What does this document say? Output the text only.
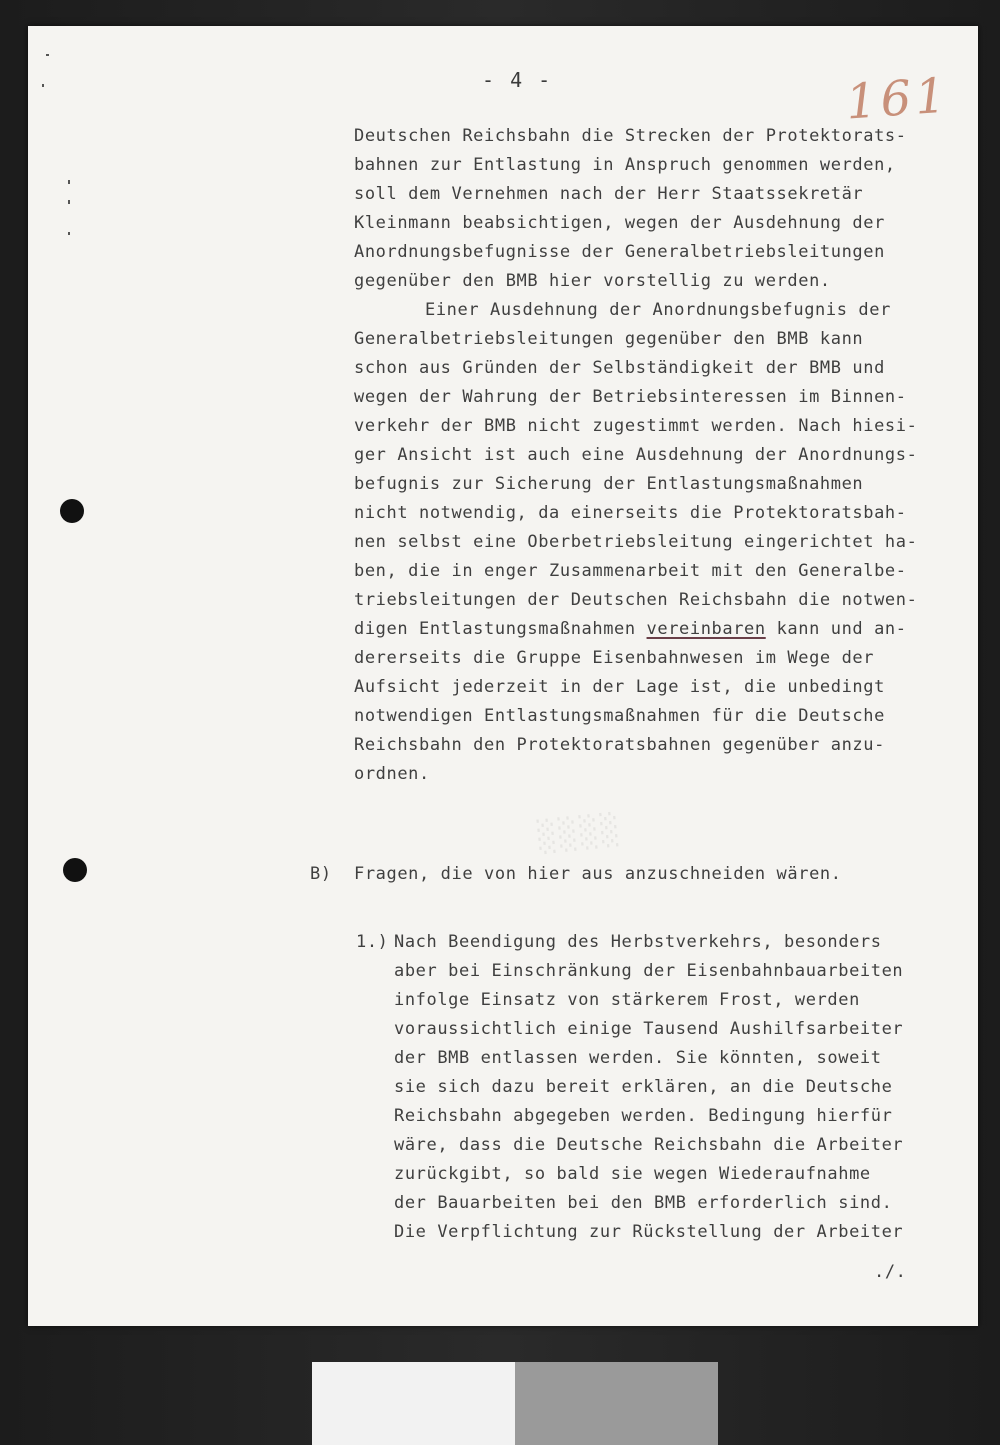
- 4 -	161
░░░░
Deutschen Reichsbahn die Strecken der Protektorats-
bahnen zur Entlastung in Anspruch genommen werden,
soll dem Vernehmen nach der Herr Staatssekretär
Kleinmann beabsichtigen, wegen der Ausdehnung der
Anordnungsbefugnisse der Generalbetriebsleitungen
gegenüber den BMB hier vorstellig zu werden.
Einer Ausdehnung der Anordnungsbefugnis der
Generalbetriebsleitungen gegenüber den BMB kann
schon aus Gründen der Selbständigkeit der BMB und
wegen der Wahrung der Betriebsinteressen im Binnen-
verkehr der BMB nicht zugestimmt werden. Nach hiesi-
ger Ansicht ist auch eine Ausdehnung der Anordnungs-
befugnis zur Sicherung der Entlastungsmaßnahmen
nicht notwendig, da einerseits die Protektoratsbah-
nen selbst eine Oberbetriebsleitung eingerichtet ha-
ben, die in enger Zusammenarbeit mit den Generalbe-
triebsleitungen der Deutschen Reichsbahn die notwen-
digen Entlastungsmaßnahmen vereinbaren kann und an-
dererseits die Gruppe Eisenbahnwesen im Wege der
Aufsicht jederzeit in der Lage ist, die unbedingt
notwendigen Entlastungsmaßnahmen für die Deutsche
Reichsbahn den Protektoratsbahnen gegenüber anzu-
ordnen.
B) Fragen, die von hier aus anzuschneiden wären.
1.) Nach Beendigung des Herbstverkehrs, besonders
aber bei Einschränkung der Eisenbahnbauarbeiten
infolge Einsatz von stärkerem Frost, werden
voraussichtlich einige Tausend Aushilfsarbeiter
der BMB entlassen werden. Sie könnten, soweit
sie sich dazu bereit erklären, an die Deutsche
Reichsbahn abgegeben werden. Bedingung hierfür
wäre, dass die Deutsche Reichsbahn die Arbeiter
zurückgibt, so bald sie wegen Wiederaufnahme
der Bauarbeiten bei den BMB erforderlich sind.
Die Verpflichtung zur Rückstellung der Arbeiter
./.
